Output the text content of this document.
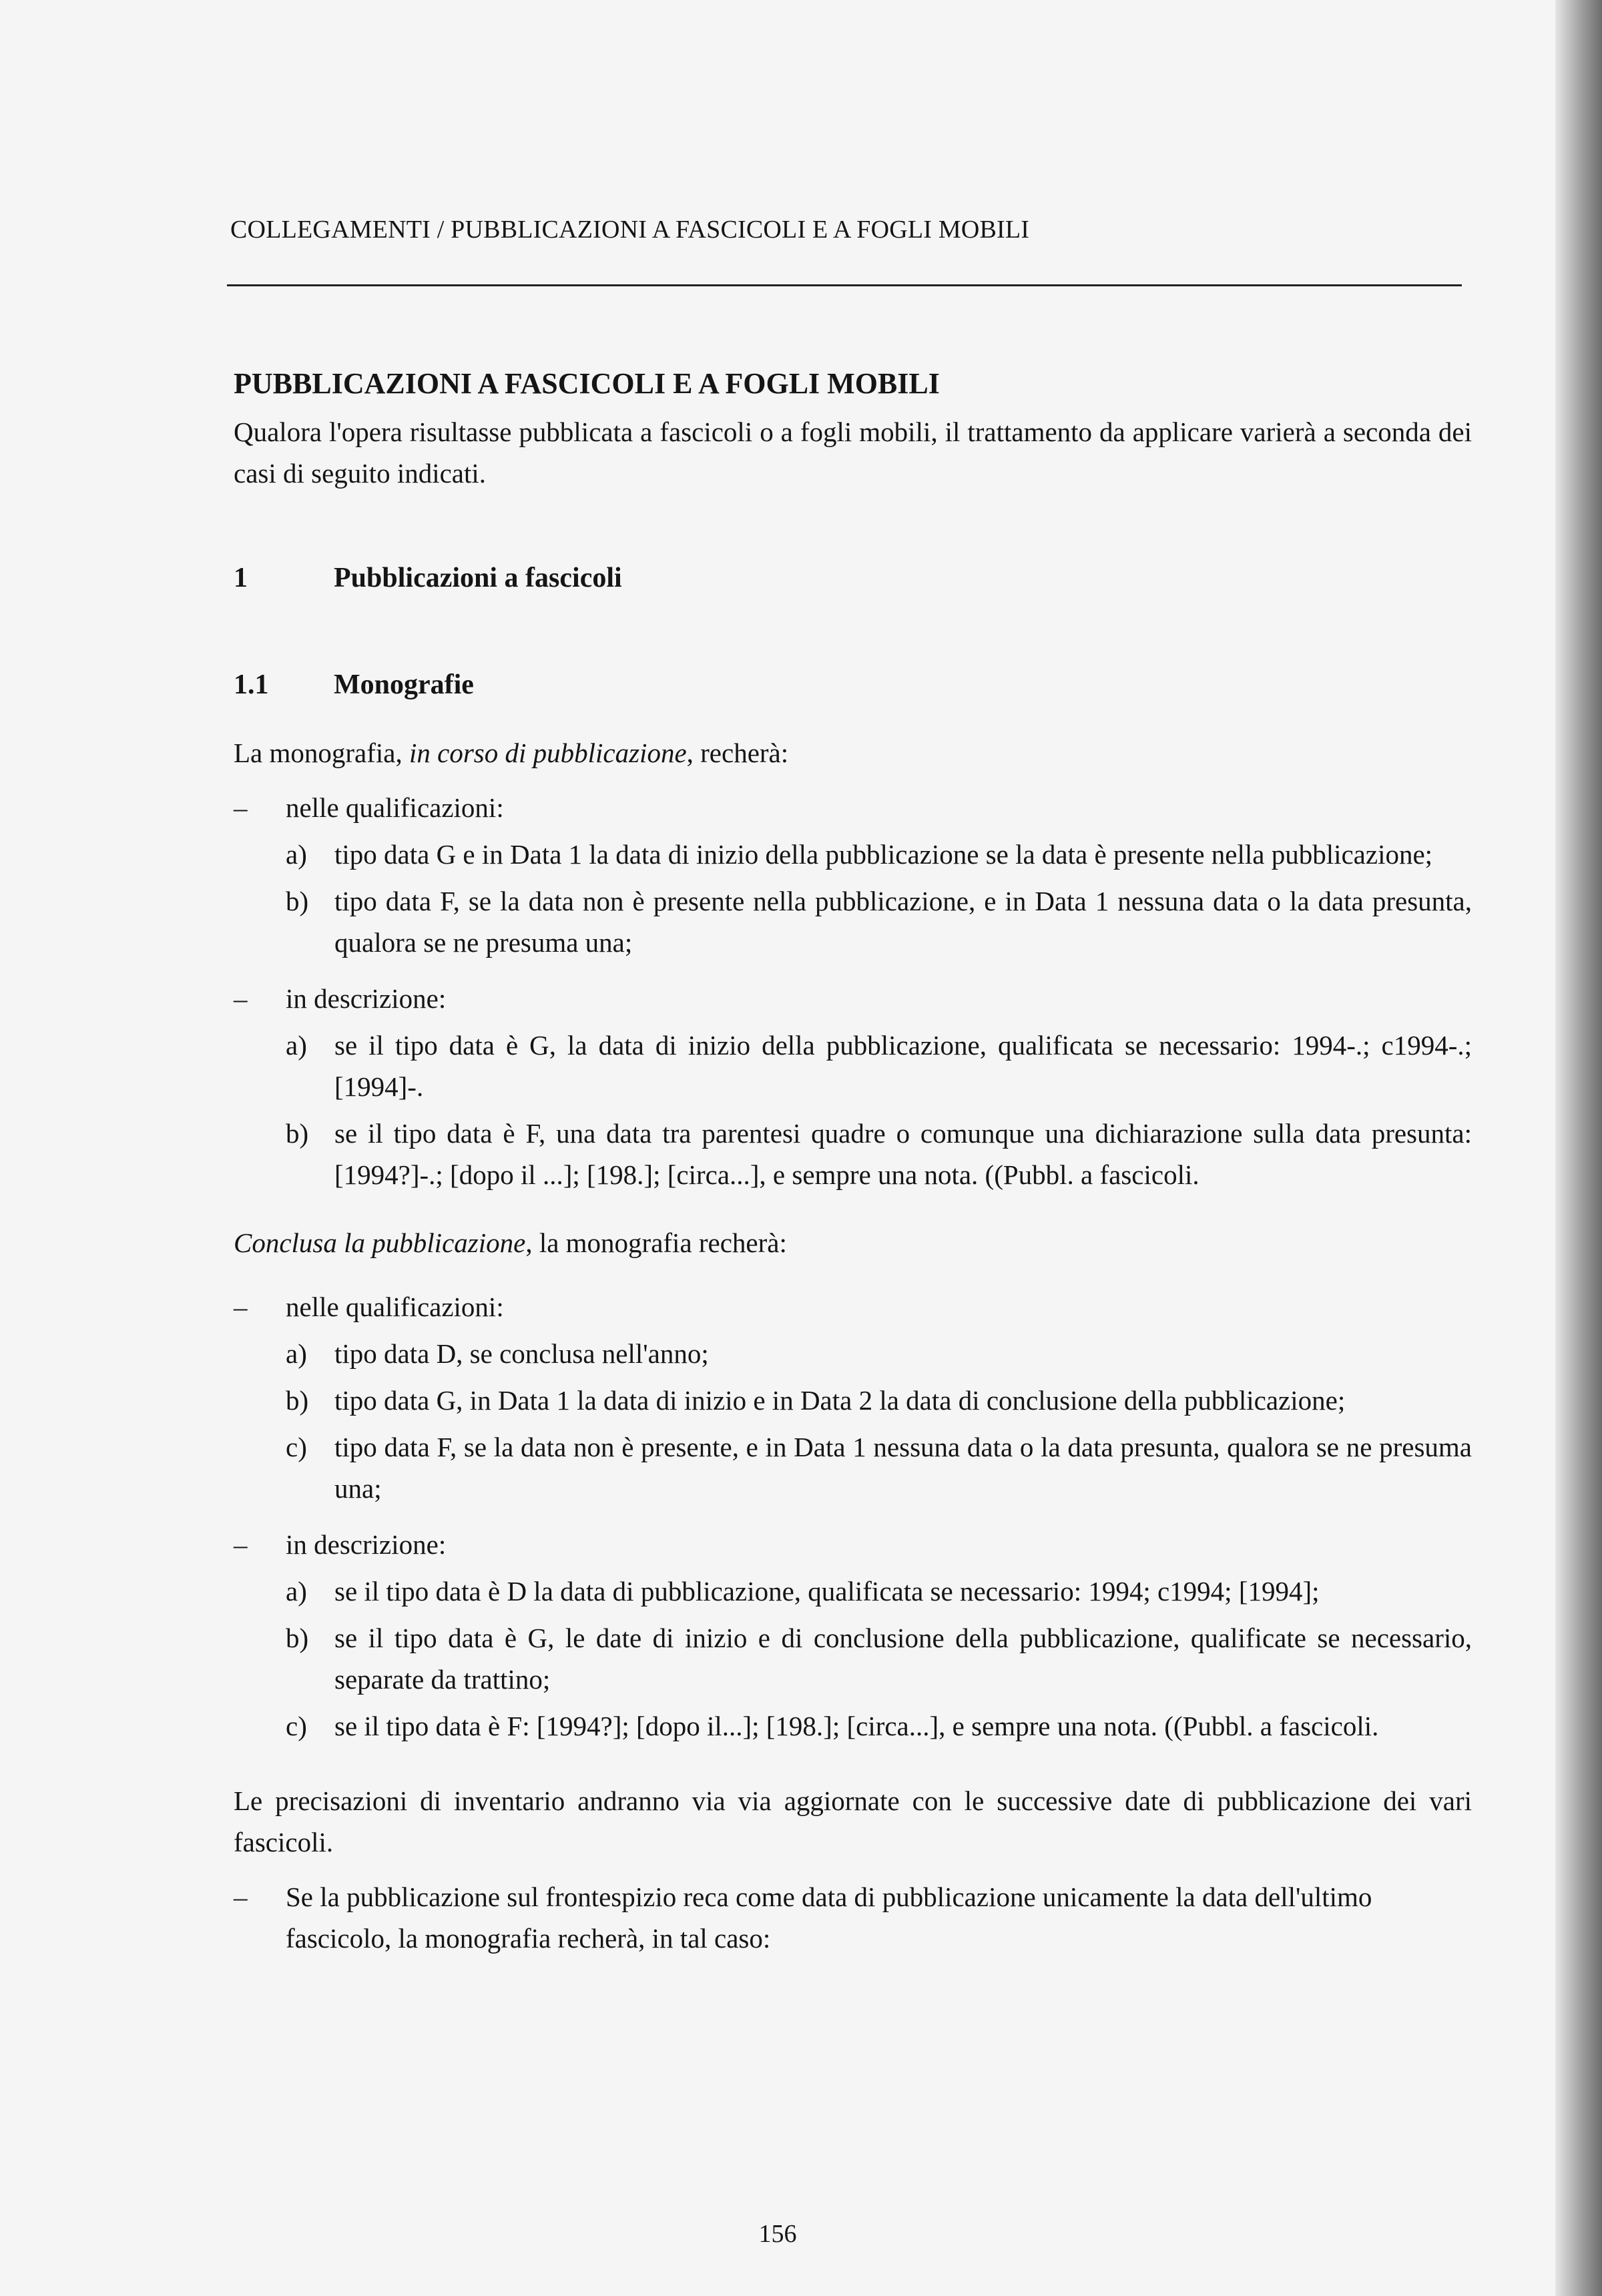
COLLEGAMENTI / PUBBLICAZIONI A FASCICOLI E A FOGLI MOBILI
PUBBLICAZIONI A FASCICOLI E A FOGLI MOBILI

Qualora l'opera risultasse pubblicata a fascicoli o a fogli mobili, il trattamento da applicare varierà a seconda dei casi di seguito indicati.

1	Pubblicazioni a fascicoli
1.1	Monografie

La monografia, in corso di pubblicazione, recherà:

–	nelle qualificazioni:
a)	tipo data G e in Data 1 la data di inizio della pubblicazione se la data è presente nella pubblicazione;
b) tipo data F, se la data non è presente nella pubblicazione, e in Data 1 nessuna data o la data presunta, qualora se ne presuma una;
–	in descrizione:
a)	se il tipo data è G, la data di inizio della pubblicazione, qualificata se necessario: 1994-.; c1994-.; [1994]-.
b) se il tipo data è F, una data tra parentesi quadre o comunque una dichiarazione sulla data presunta: [1994?]-.; [dopo il ...]; [198.]; [circa...], e sempre una nota. ((Pubbl. a fascicoli.

Conclusa la pubblicazione, la monografia recherà:

–	nelle qualificazioni:
a)	tipo data D, se conclusa nell'anno;
b) tipo data G, in Data 1 la data di inizio e in Data 2 la data di conclusione della pubblicazione;
c)	tipo data F, se la data non è presente, e in Data 1 nessuna data o la data presunta, qualora se ne presuma una;
–	in descrizione:
a)	se il tipo data è D la data di pubblicazione, qualificata se necessario: 1994; c1994; [1994];
b) se il tipo data è G, le date di inizio e di conclusione della pubblicazione, qualificate se necessario, separate da trattino;
c)	se il tipo data è F: [1994?]; [dopo il...]; [198.]; [circa...], e sempre una nota. ((Pubbl. a fascicoli.

Le precisazioni di inventario andranno via via aggiornate con le successive date di pubblicazione dei vari fascicoli.

–	Se la pubblicazione sul frontespizio reca come data di pubblicazione unicamente la data dell'ultimo fascicolo, la monografia recherà, in tal caso:
156
